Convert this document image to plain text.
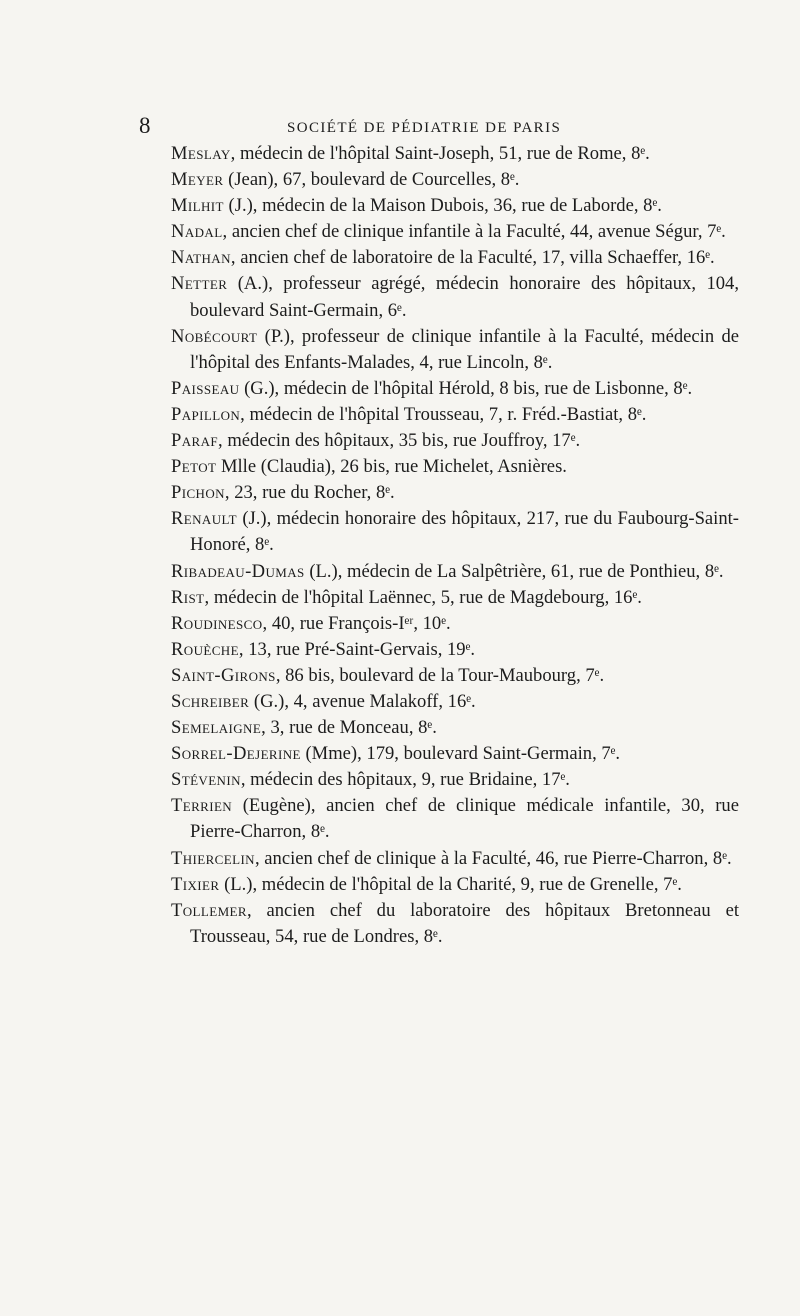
8	SOCIÉTÉ DE PÉDIATRIE DE PARIS
Meslay, médecin de l'hôpital Saint-Joseph, 51, rue de Rome, 8ᵉ.
Meyer (Jean), 67, boulevard de Courcelles, 8ᵉ.
Milhit (J.), médecin de la Maison Dubois, 36, rue de Laborde, 8ᵉ.
Nadal, ancien chef de clinique infantile à la Faculté, 44, avenue Ségur, 7ᵉ.
Nathan, ancien chef de laboratoire de la Faculté, 17, villa Schaeffer, 16ᵉ.
Netter (A.), professeur agrégé, médecin honoraire des hôpitaux, 104, boulevard Saint-Germain, 6ᵉ.
Nobécourt (P.), professeur de clinique infantile à la Faculté, médecin de l'hôpital des Enfants-Malades, 4, rue Lincoln, 8ᵉ.
Paisseau (G.), médecin de l'hôpital Hérold, 8 bis, rue de Lisbonne, 8ᵉ.
Papillon, médecin de l'hôpital Trousseau, 7, r. Fréd.-Bastiat, 8ᵉ.
Paraf, médecin des hôpitaux, 35 bis, rue Jouffroy, 17ᵉ.
Petot Mlle (Claudia), 26 bis, rue Michelet, Asnières.
Pichon, 23, rue du Rocher, 8ᵉ.
Renault (J.), médecin honoraire des hôpitaux, 217, rue du Faubourg-Saint-Honoré, 8ᵉ.
Ribadeau-Dumas (L.), médecin de La Salpêtrière, 61, rue de Ponthieu, 8ᵉ.
Rist, médecin de l'hôpital Laënnec, 5, rue de Magdebourg, 16ᵉ.
Roudinesco, 40, rue François-Iᵉʳ, 10ᵉ.
Rouèche, 13, rue Pré-Saint-Gervais, 19ᵉ.
Saint-Girons, 86 bis, boulevard de la Tour-Maubourg, 7ᵉ.
Schreiber (G.), 4, avenue Malakoff, 16ᵉ.
Semelaigne, 3, rue de Monceau, 8ᵉ.
Sorrel-Dejerine (Mme), 179, boulevard Saint-Germain, 7ᵉ.
Stévenin, médecin des hôpitaux, 9, rue Bridaine, 17ᵉ.
Terrien (Eugène), ancien chef de clinique médicale infantile, 30, rue Pierre-Charron, 8ᵉ.
Thiercelin, ancien chef de clinique à la Faculté, 46, rue Pierre-Charron, 8ᵉ.
Tixier (L.), médecin de l'hôpital de la Charité, 9, rue de Grenelle, 7ᵉ.
Tollemer, ancien chef du laboratoire des hôpitaux Bretonneau et Trousseau, 54, rue de Londres, 8ᵉ.
